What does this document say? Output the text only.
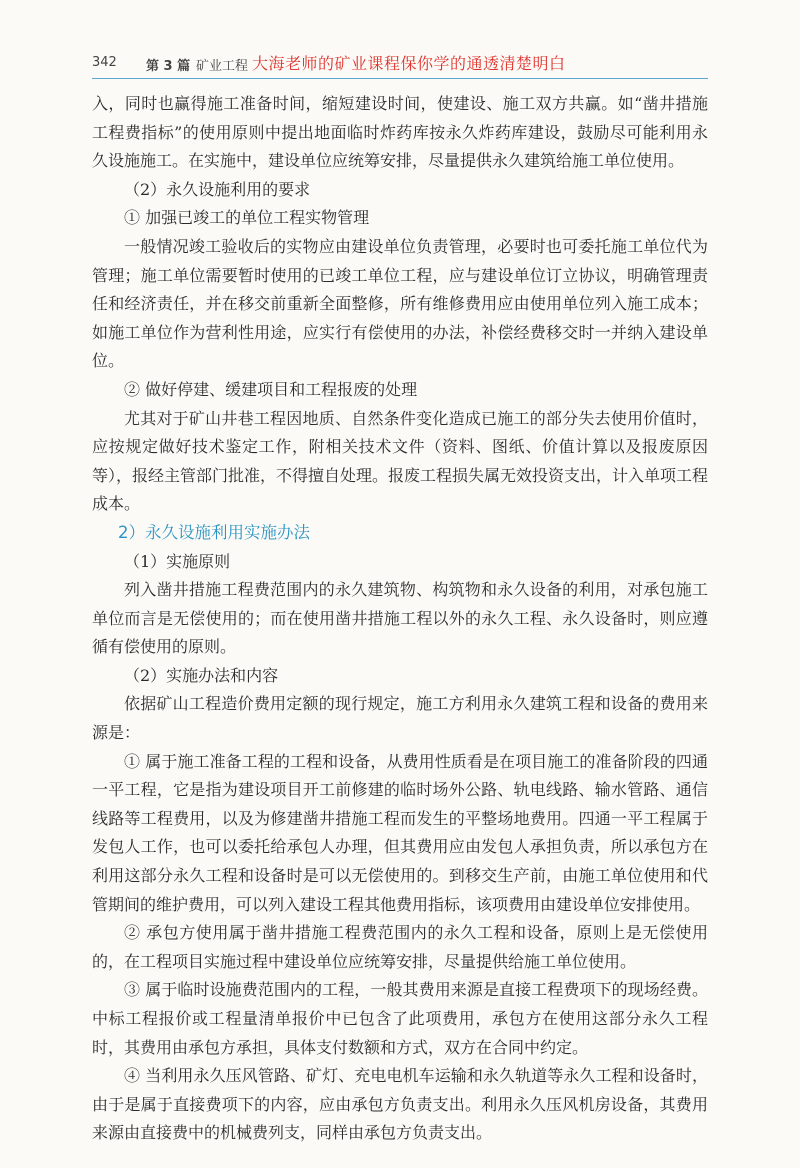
342 第 3 篇 矿业工程 大海老师的矿业课程保你学的通透清楚明白

入，同时也赢得施工准备时间，缩短建设时间，使建设、施工双方共赢。如“凿井措施工程费指标”的使用原则中提出地面临时炸药库按永久炸药库建设，鼓励尽可能利用永久设施施工。在实施中，建设单位应统筹安排，尽量提供永久建筑给施工单位使用。

（2）永久设施利用的要求

① 加强已竣工的单位工程实物管理

一般情况竣工验收后的实物应由建设单位负责管理，必要时也可委托施工单位代为管理；施工单位需要暂时使用的已竣工单位工程，应与建设单位订立协议，明确管理责任和经济责任，并在移交前重新全面整修，所有维修费用应由使用单位列入施工成本；如施工单位作为营利性用途，应实行有偿使用的办法，补偿经费移交时一并纳入建设单位。

② 做好停建、缓建项目和工程报废的处理

尤其对于矿山井巷工程因地质、自然条件变化造成已施工的部分失去使用价值时，应按规定做好技术鉴定工作，附相关技术文件（资料、图纸、价值计算以及报废原因等），报经主管部门批准，不得擅自处理。报废工程损失属无效投资支出，计入单项工程成本。

2）永久设施利用实施办法

（1）实施原则

列入凿井措施工程费范围内的永久建筑物、构筑物和永久设备的利用，对承包施工单位而言是无偿使用的；而在使用凿井措施工程以外的永久工程、永久设备时，则应遵循有偿使用的原则。

（2）实施办法和内容

依据矿山工程造价费用定额的现行规定，施工方利用永久建筑工程和设备的费用来源是：

① 属于施工准备工程的工程和设备，从费用性质看是在项目施工的准备阶段的四通一平工程，它是指为建设项目开工前修建的临时场外公路、轨电线路、输水管路、通信线路等工程费用，以及为修建凿井措施工程而发生的平整场地费用。四通一平工程属于发包人工作，也可以委托给承包人办理，但其费用应由发包人承担负责，所以承包方在利用这部分永久工程和设备时是可以无偿使用的。到移交生产前，由施工单位使用和代管期间的维护费用，可以列入建设工程其他费用指标，该项费用由建设单位安排使用。

② 承包方使用属于凿井措施工程费范围内的永久工程和设备，原则上是无偿使用的，在工程项目实施过程中建设单位应统筹安排，尽量提供给施工单位使用。

③ 属于临时设施费范围内的工程，一般其费用来源是直接工程费项下的现场经费。中标工程报价或工程量清单报价中已包含了此项费用，承包方在使用这部分永久工程时，其费用由承包方承担，具体支付数额和方式，双方在合同中约定。

④ 当利用永久压风管路、矿灯、充电电机车运输和永久轨道等永久工程和设备时，由于是属于直接费项下的内容，应由承包方负责支出。利用永久压风机房设备，其费用来源由直接费中的机械费列支，同样由承包方负责支出。
